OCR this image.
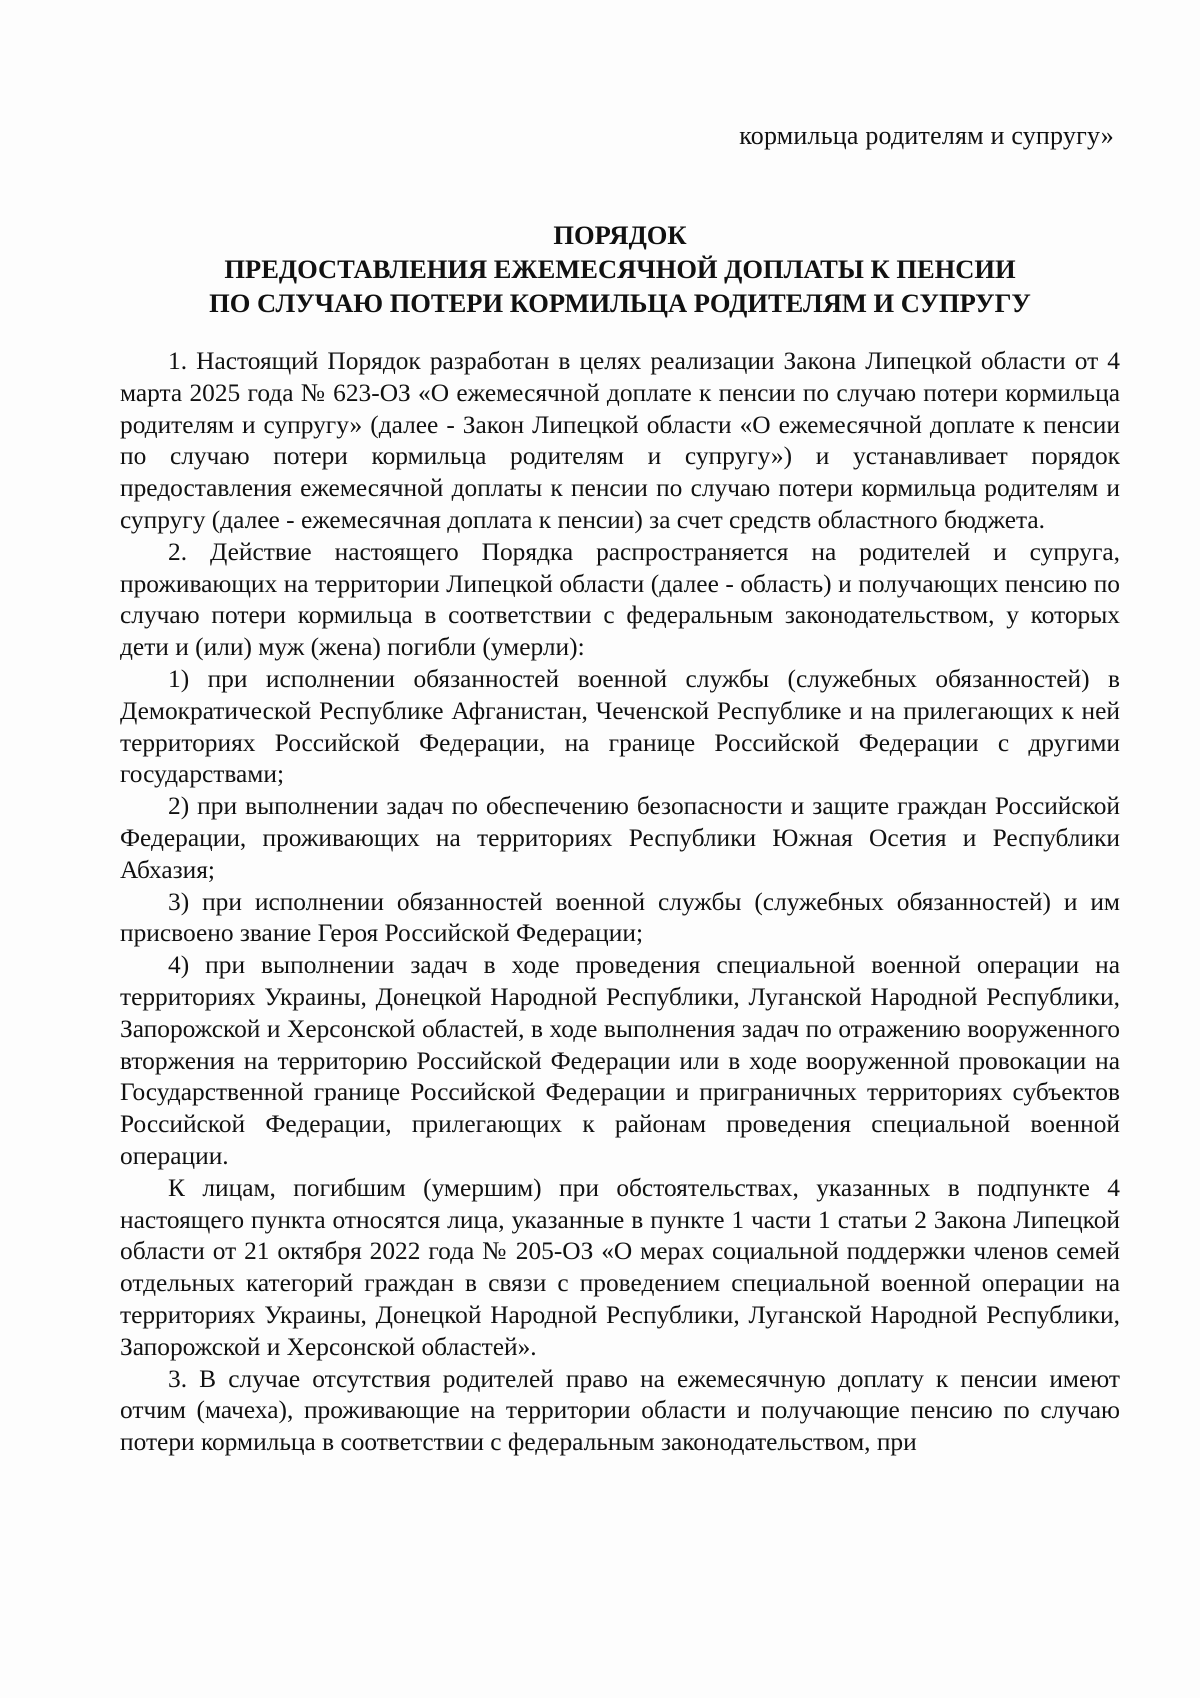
кормильца родителям и супругу»
ПОРЯДОК
ПРЕДОСТАВЛЕНИЯ ЕЖЕМЕСЯЧНОЙ ДОПЛАТЫ К ПЕНСИИ
ПО СЛУЧАЮ ПОТЕРИ КОРМИЛЬЦА РОДИТЕЛЯМ И СУПРУГУ

1. Настоящий Порядок разработан в целях реализации Закона Липецкой области от 4 марта 2025 года № 623-ОЗ «О ежемесячной доплате к пенсии по случаю потери кормильца родителям и супругу» (далее - Закон Липецкой области «О ежемесячной доплате к пенсии по случаю потери кормильца родителям и супругу») и устанавливает порядок предоставления ежемесячной доплаты к пенсии по случаю потери кормильца родителям и супругу (далее - ежемесячная доплата к пенсии) за счет средств областного бюджета.

2. Действие настоящего Порядка распространяется на родителей и супруга, проживающих на территории Липецкой области (далее - область) и получающих пенсию по случаю потери кормильца в соответствии с федеральным законодательством, у которых дети и (или) муж (жена) погибли (умерли):

1) при исполнении обязанностей военной службы (служебных обязанностей) в Демократической Республике Афганистан, Чеченской Республике и на прилегающих к ней территориях Российской Федерации, на границе Российской Федерации с другими государствами;

2) при выполнении задач по обеспечению безопасности и защите граждан Российской Федерации, проживающих на территориях Республики Южная Осетия и Республики Абхазия;

3) при исполнении обязанностей военной службы (служебных обязанностей) и им присвоено звание Героя Российской Федерации;

4) при выполнении задач в ходе проведения специальной военной операции на территориях Украины, Донецкой Народной Республики, Луганской Народной Республики, Запорожской и Херсонской областей, в ходе выполнения задач по отражению вооруженного вторжения на территорию Российской Федерации или в ходе вооруженной провокации на Государственной границе Российской Федерации и приграничных территориях субъектов Российской Федерации, прилегающих к районам проведения специальной военной операции.

К лицам, погибшим (умершим) при обстоятельствах, указанных в подпункте 4 настоящего пункта относятся лица, указанные в пункте 1 части 1 статьи 2 Закона Липецкой области от 21 октября 2022 года № 205-ОЗ «О мерах социальной поддержки членов семей отдельных категорий граждан в связи с проведением специальной военной операции на территориях Украины, Донецкой Народной Республики, Луганской Народной Республики, Запорожской и Херсонской областей».

3. В случае отсутствия родителей право на ежемесячную доплату к пенсии имеют отчим (мачеха), проживающие на территории области и получающие пенсию по случаю потери кормильца в соответствии с федеральным законодательством, при
